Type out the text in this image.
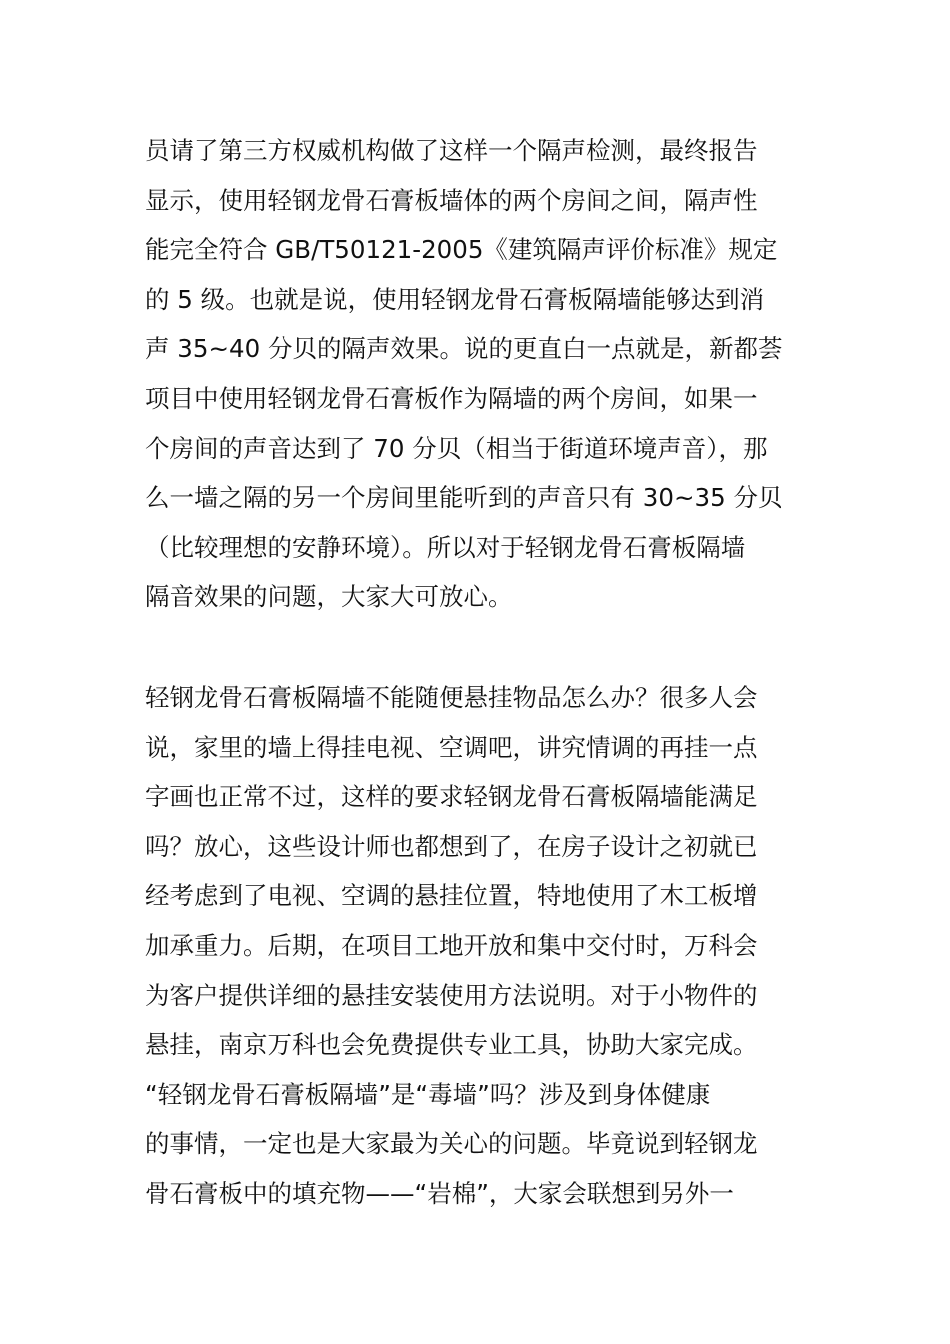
员请了第三方权威机构做了这样一个隔声检测，最终报告
显示，使用轻钢龙骨石膏板墙体的两个房间之间，隔声性
能完全符合 GB/T50121-2005《建筑隔声评价标准》规定
的 5 级。也就是说，使用轻钢龙骨石膏板隔墙能够达到消
声 35~40 分贝的隔声效果。说的更直白一点就是，新都荟
项目中使用轻钢龙骨石膏板作为隔墙的两个房间，如果一
个房间的声音达到了 70 分贝（相当于街道环境声音），那
么一墙之隔的另一个房间里能听到的声音只有 30~35 分贝
（比较理想的安静环境）。所以对于轻钢龙骨石膏板隔墙
隔音效果的问题，大家大可放心。
轻钢龙骨石膏板隔墙不能随便悬挂物品怎么办？很多人会
说，家里的墙上得挂电视、空调吧，讲究情调的再挂一点
字画也正常不过，这样的要求轻钢龙骨石膏板隔墙能满足
吗？放心，这些设计师也都想到了，在房子设计之初就已
经考虑到了电视、空调的悬挂位置，特地使用了木工板增
加承重力。后期，在项目工地开放和集中交付时，万科会
为客户提供详细的悬挂安装使用方法说明。对于小物件的
悬挂，南京万科也会免费提供专业工具，协助大家完成。
“轻钢龙骨石膏板隔墙”是“毒墙”吗？涉及到身体健康
的事情，一定也是大家最为关心的问题。毕竟说到轻钢龙
骨石膏板中的填充物——“岩棉”，大家会联想到另外一
